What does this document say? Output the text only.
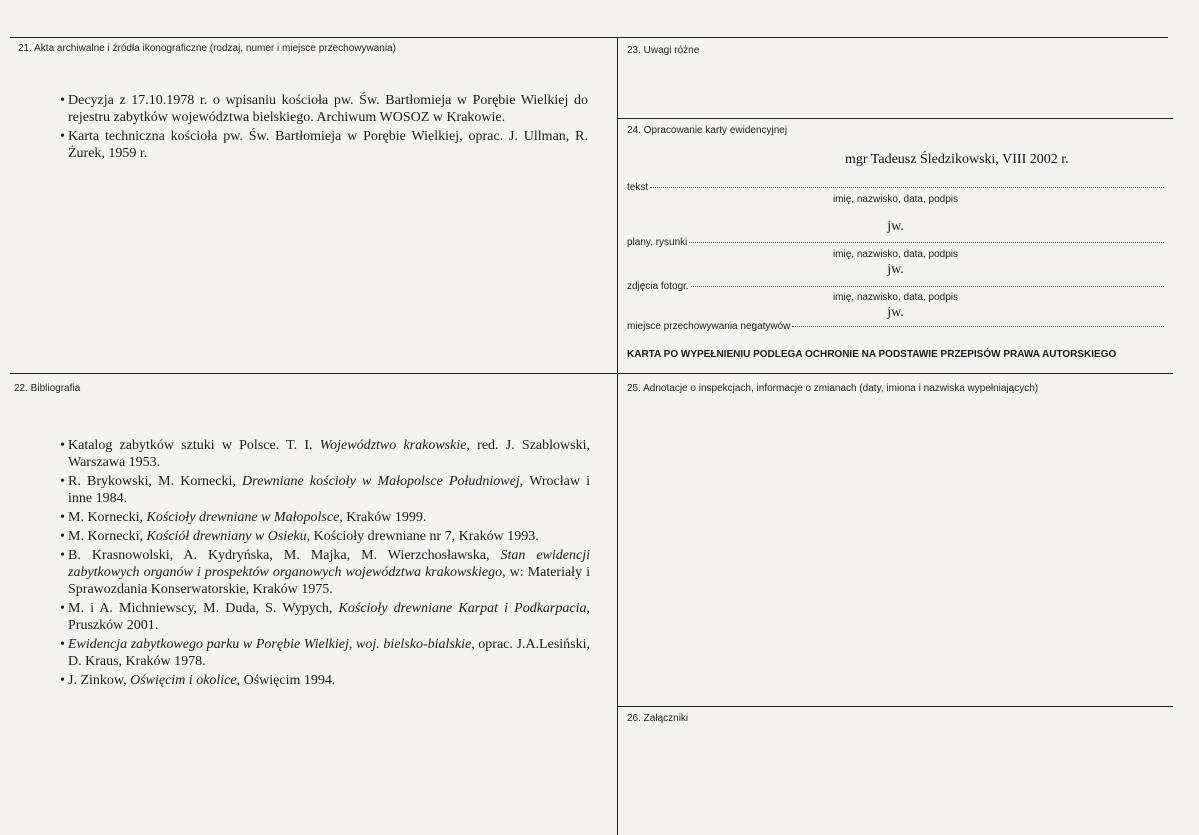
21. Akta archiwalne i źródła ikonograficzne (rodzaj, numer i miejsce przechowywania)
• Decyzja z 17.10.1978 r. o wpisaniu kościoła pw. Św. Bartłomieja w Porębie Wielkiej do rejestru zabytków województwa bielskiego. Archiwum WOSOZ w Krakowie.
• Karta techniczna kościoła pw. Św. Bartłomieja w Porębie Wielkiej, oprac. J. Ullman, R. Żurek, 1959 r.
22. Bibliografia
• Katalog zabytków sztuki w Polsce. T. I. Województwo krakowskie, red. J. Szablowski, Warszawa 1953.
• R. Brykowski, M. Kornecki, Drewniane kościoły w Małopolsce Południowej, Wrocław i inne 1984.
• M. Kornecki, Kościoły drewniane w Małopolsce, Kraków 1999.
• M. Kornecki, Kościół drewniany w Osieku, Kościoły drewniane nr 7, Kraków 1993.
• B. Krasnowolski, A. Kydryńska, M. Majka, M. Wierzchosławska, Stan ewidencji zabytkowych organów i prospektów organowych województwa krakowskiego, w: Materiały i Sprawozdania Konserwatorskie, Kraków 1975.
• M. i A. Michniewscy, M. Duda, S. Wypych, Kościoły drewniane Karpat i Podkarpacia, Pruszków 2001.
• Ewidencja zabytkowego parku w Porębie Wielkiej, woj. bielsko-bialskie, oprac. J.A.Lesiński, D. Kraus, Kraków 1978.
• J. Zinkow, Oświęcim i okolice, Oświęcim 1994.
23. Uwagi różne
24. Opracowanie karty ewidencyjnej
mgr Tadeusz Śledzikowski, VIII 2002 r.
tekst
imię, nazwisko, data, podpis
jw.
plany, rysunki
imię, nazwisko, data, podpis
jw.
zdjęcia fotogr.
imię, nazwisko, data, podpis
jw.
miejsce przechowywania negatywów
KARTA PO WYPEŁNIENIU PODLEGA OCHRONIE NA PODSTAWIE PRZEPISÓW PRAWA AUTORSKIEGO
25. Adnotacje o inspekcjach, informacje o zmianach (daty, imiona i nazwiska wypełniających)
26. Załączniki
